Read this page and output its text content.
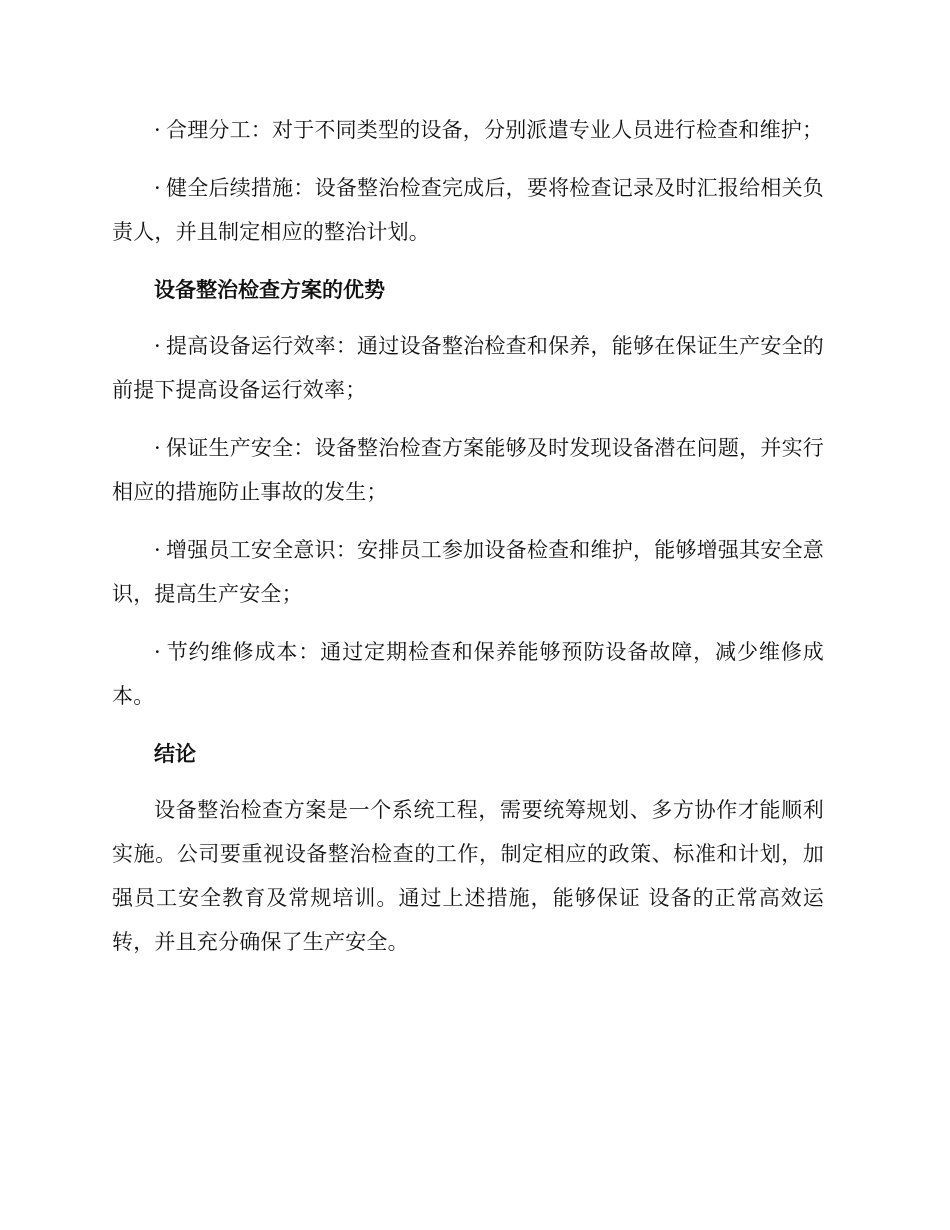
· 合理分工：对于不同类型的设备，分别派遣专业人员进行检查和维护；

· 健全后续措施：设备整治检查完成后，要将检查记录及时汇报给相关负责人，并且制定相应的整治计划。

设备整治检查方案的优势

· 提高设备运行效率：通过设备整治检查和保养，能够在保证生产安全的前提下提高设备运行效率；

· 保证生产安全：设备整治检查方案能够及时发现设备潜在问题，并实行相应的措施防止事故的发生；

· 增强员工安全意识：安排员工参加设备检查和维护，能够增强其安全意识，提高生产安全；

· 节约维修成本：通过定期检查和保养能够预防设备故障，减少维修成本。

结论

设备整治检查方案是一个系统工程，需要统筹规划、多方协作才能顺利实施。公司要重视设备整治检查的工作，制定相应的政策、标准和计划，加强员工安全教育及常规培训。通过上述措施，能够保证 设备的正常高效运转，并且充分确保了生产安全。
